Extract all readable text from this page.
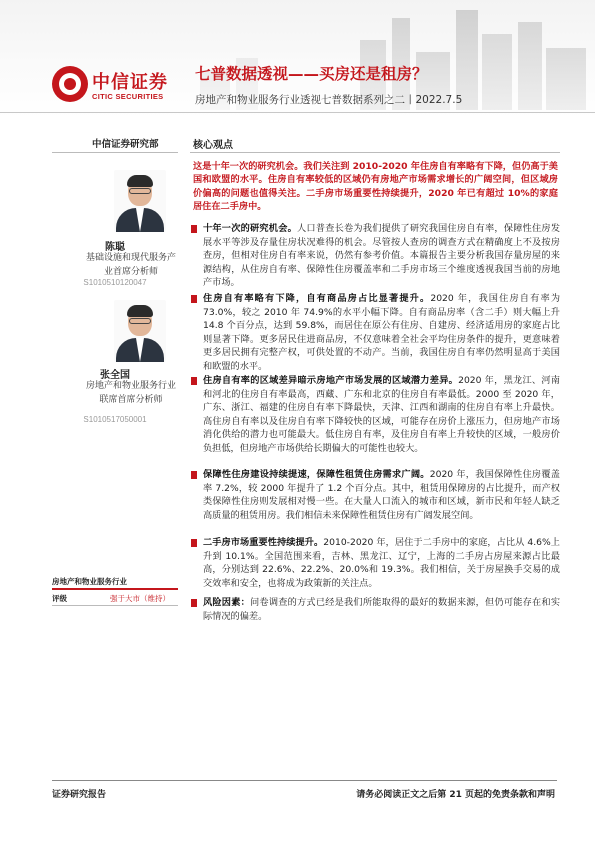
中信证券
CITIC SECURITIES
七普数据透视——买房还是租房？
房地产和物业服务行业透视七普数据系列之二丨2022.7.5
中信证券研究部
陈聪
基础设施和现代服务产业首席分析师
S1010510120047
张全国
房地产和物业服务行业联席首席分析师
S1010517050001
房地产和物业服务行业
评级	强于大市（维持）
核心观点
这是十年一次的研究机会。我们关注到 2010-2020 年住房自有率略有下降，但仍高于美国和欧盟的水平。住房自有率较低的区域仍有房地产市场需求增长的广阔空间，但区域房价偏高的问题也值得关注。二手房市场重要性持续提升，2020 年已有超过 10%的家庭居住在二手房中。
十年一次的研究机会。人口普查长卷为我们提供了研究我国住房自有率，保障性住房发展水平等涉及存量住房状况难得的机会。尽管按人查房的调查方式在精确度上不及按房查房，但相对住房自有率来说，仍然有参考价值。本篇报告主要分析我国存量房屋的来源结构，从住房自有率、保障性住房覆盖率和二手房市场三个维度透视我国当前的房地产市场。
住房自有率略有下降，自有商品房占比显著提升。2020 年，我国住房自有率为 73.0%，较之 2010 年 74.9%的水平小幅下降。自有商品房率（含二手）则大幅上升 14.8 个百分点，达到 59.8%，而居住在原公有住房、自建房、经济适用房的家庭占比则显著下降。更多居民住进商品房，不仅意味着全社会平均住房条件的提升，更意味着更多居民拥有完整产权，可供处置的不动产。当前，我国住房自有率仍然明显高于美国和欧盟的水平。
住房自有率的区域差异暗示房地产市场发展的区域潜力差异。2020 年，黑龙江、河南和河北的住房自有率最高，西藏、广东和北京的住房自有率最低。2000 至 2020 年，广东、浙江、福建的住房自有率下降最快，天津、江西和湖南的住房自有率上升最快。高住房自有率以及住房自有率下降较快的区域，可能存在房价上涨压力，但房地产市场消化供给的潜力也可能最大。低住房自有率，及住房自有率上升较快的区域，一般房价负担低，但房地产市场供给长期偏大的可能性也较大。
保障性住房建设持续提速，保障性租赁住房需求广阔。2020 年，我国保障性住房覆盖率 7.2%，较 2000 年提升了 1.2 个百分点。其中，租赁用保障房的占比提升，而产权类保障性住房则发展相对慢一些。在大量人口流入的城市和区域，新市民和年轻人缺乏高质量的租赁用房。我们相信未来保障性租赁住房有广阔发展空间。
二手房市场重要性持续提升。2010-2020 年，居住于二手房中的家庭，占比从 4.6%上升到 10.1%。全国范围来看，吉林、黑龙江、辽宁，上海的二手房占房屋来源占比最高，分别达到 22.6%、22.2%、20.0%和 19.3%。我们相信，关于房屋换手交易的成交效率和安全，也将成为政策新的关注点。
风险因素：问卷调查的方式已经是我们所能取得的最好的数据来源，但仍可能存在和实际情况的偏差。
证券研究报告	请务必阅读正文之后第 21 页起的免责条款和声明
